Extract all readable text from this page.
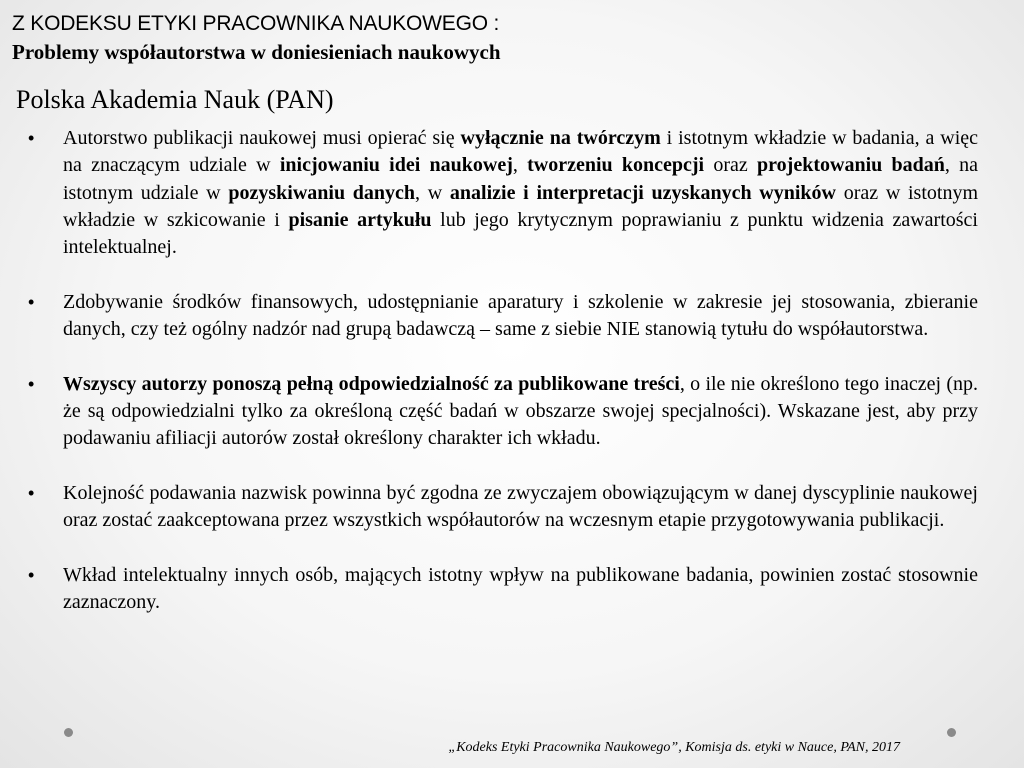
Z KODEKSU ETYKI PRACOWNIKA NAUKOWEGO :
Problemy współautorstwa w doniesieniach naukowych
Polska Akademia Nauk (PAN)
• Autorstwo publikacji naukowej musi opierać się wyłącznie na twórczym i istotnym wkładzie w badania, a więc na znaczącym udziale w inicjowaniu idei naukowej, tworzeniu koncepcji oraz projektowaniu badań, na istotnym udziale w pozyskiwaniu danych, w analizie i interpretacji uzyskanych wyników oraz w istotnym wkładzie w szkicowanie i pisanie artykułu lub jego krytycznym poprawianiu z punktu widzenia zawartości intelektualnej.
• Zdobywanie środków finansowych, udostępnianie aparatury i szkolenie w zakresie jej stosowania, zbieranie danych, czy też ogólny nadzór nad grupą badawczą – same z siebie NIE stanowią tytułu do współautorstwa.
• Wszyscy autorzy ponoszą pełną odpowiedzialność za publikowane treści, o ile nie określono tego inaczej (np. że są odpowiedzialni tylko za określoną część badań w obszarze swojej specjalności). Wskazane jest, aby przy podawaniu afiliacji autorów został określony charakter ich wkładu.
• Kolejność podawania nazwisk powinna być zgodna ze zwyczajem obowiązującym w danej dyscyplinie naukowej oraz zostać zaakceptowana przez wszystkich współautorów na wczesnym etapie przygotowywania publikacji.
• Wkład intelektualny innych osób, mających istotny wpływ na publikowane badania, powinien zostać stosownie zaznaczony.
„Kodeks Etyki Pracownika Naukowego”, Komisja ds. etyki w Nauce, PAN, 2017
